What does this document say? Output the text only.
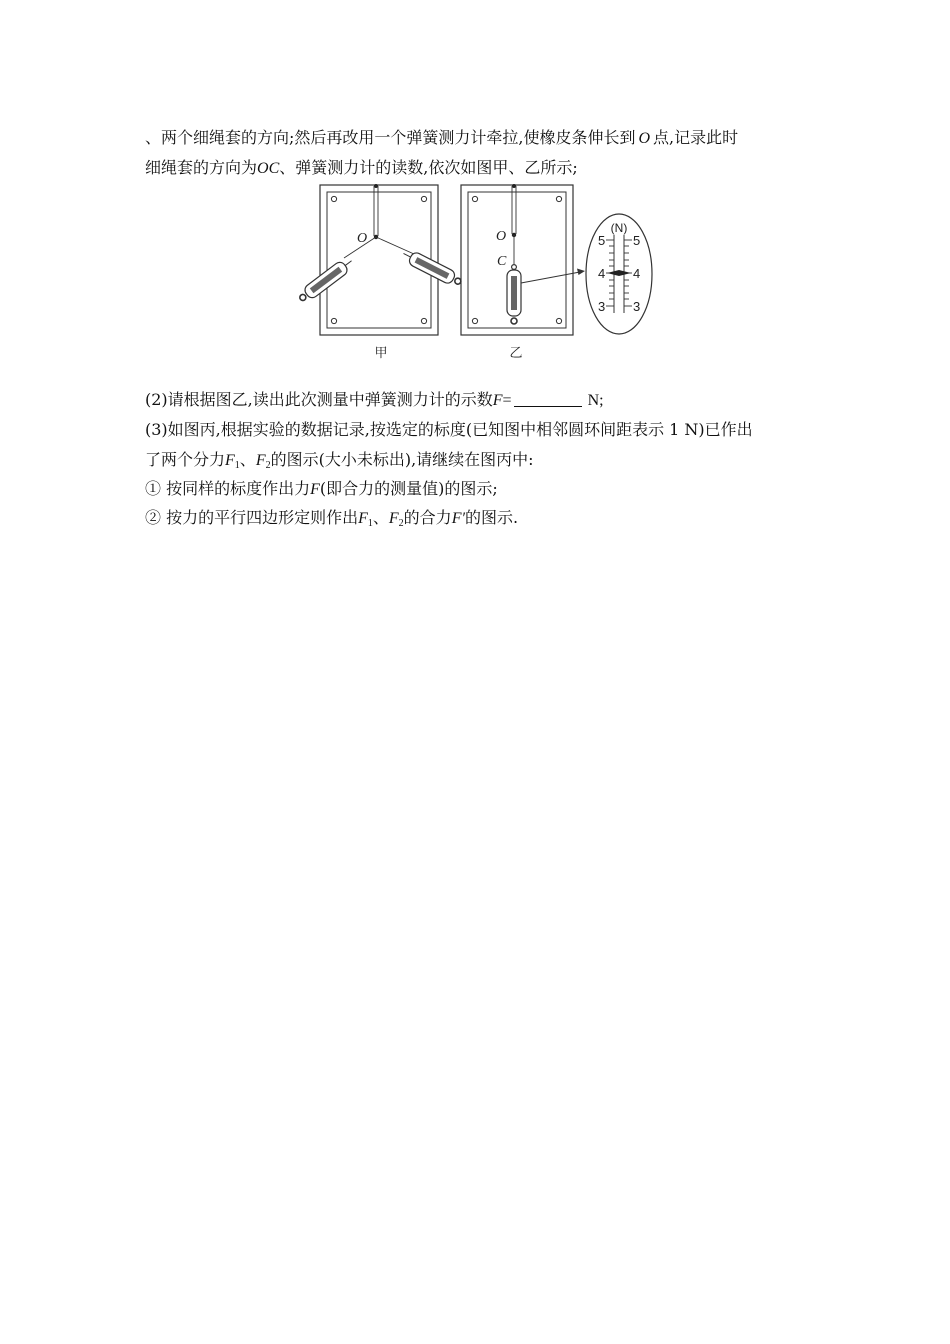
、两个细绳套的方向;然后再改用一个弹簧测力计牵拉,使橡皮条伸长到 O 点,记录此时
细绳套的方向为OC、弹簧测力计的读数,依次如图甲、乙所示;
O
甲
O
C
乙
(N)
5
4
3
5
4
3
(2)请根据图乙,读出此次测量中弹簧测力计的示数F=	N;
(3)如图丙,根据实验的数据记录,按选定的标度(已知图中相邻圆环间距表示 1 N)已作出
了两个分力$F_1$、$F_2$的图示(大小未标出),请继续在图丙中:
① 按同样的标度作出力F(即合力的测量值)的图示;
② 按力的平行四边形定则作出$F_1$、$F_2$的合力F′的图示.
